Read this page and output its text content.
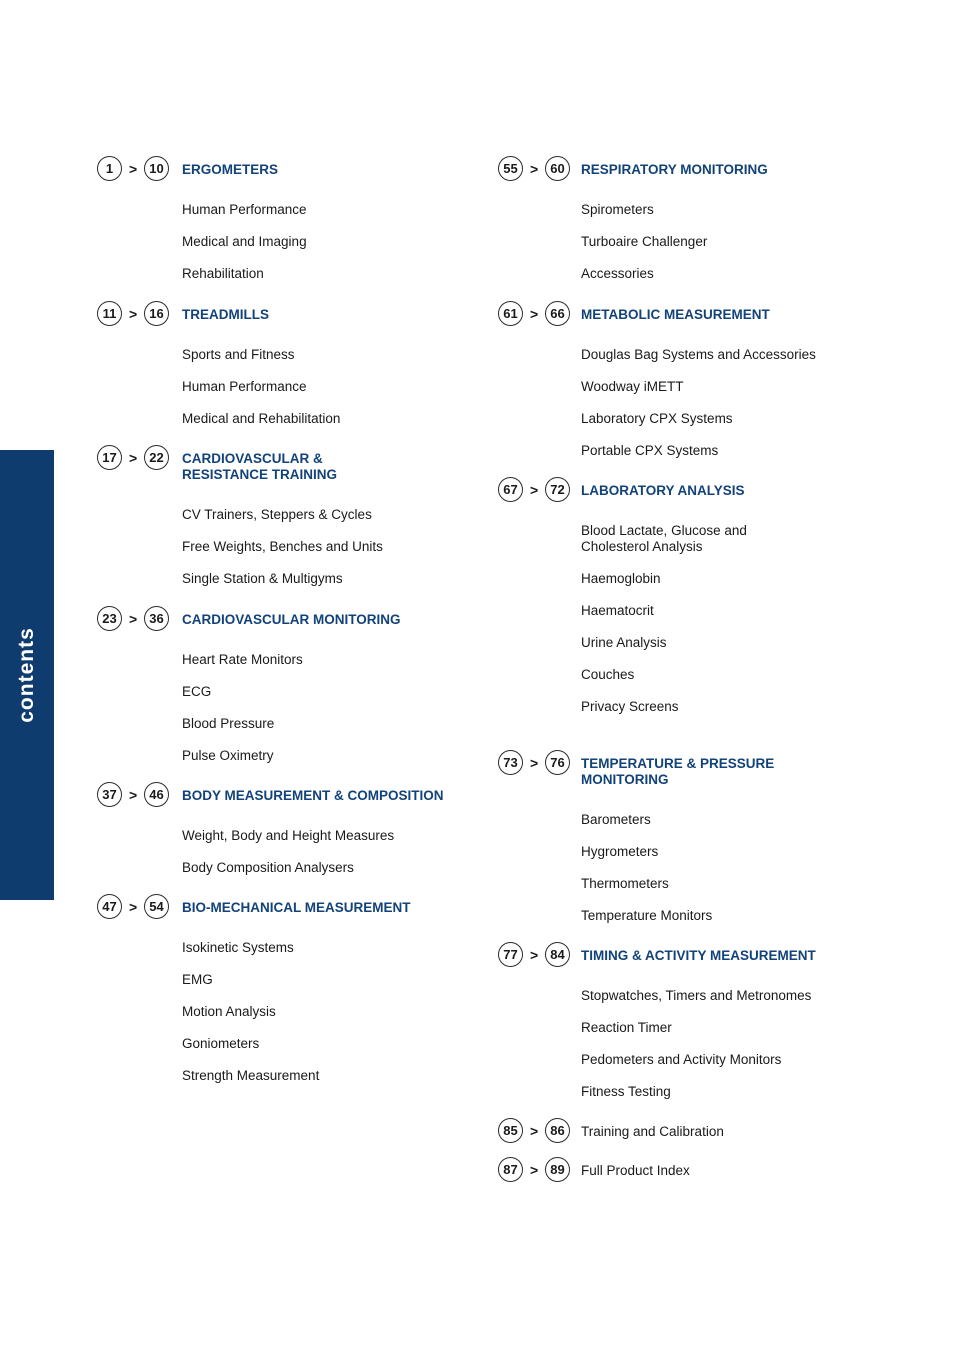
contents
1	> 10	ERGOMETERS
Human Performance
Medical and Imaging
Rehabilitation
11 > 16	TREADMILLS
Sports and Fitness
Human Performance
Medical and Rehabilitation
17 > 22	CARDIOVASCULAR & RESISTANCE TRAINING
CV Trainers, Steppers & Cycles
Free Weights, Benches and Units
Single Station & Multigyms
23 > 36	CARDIOVASCULAR MONITORING
Heart Rate Monitors
ECG
Blood Pressure
Pulse Oximetry
37 > 46	BODY MEASUREMENT & COMPOSITION
Weight, Body and Height Measures
Body Composition Analysers
47 > 54	BIO-MECHANICAL MEASUREMENT
Isokinetic Systems
EMG
Motion Analysis
Goniometers
Strength Measurement
55 > 60	RESPIRATORY MONITORING
Spirometers
Turboaire Challenger
Accessories
61 > 66	METABOLIC MEASUREMENT
Douglas Bag Systems and Accessories
Woodway iMETT
Laboratory CPX Systems
Portable CPX Systems
67 > 72	LABORATORY ANALYSIS
Blood Lactate, Glucose and Cholesterol Analysis
Haemoglobin
Haematocrit
Urine Analysis
Couches
Privacy Screens
73 > 76	TEMPERATURE & PRESSURE MONITORING
Barometers
Hygrometers
Thermometers
Temperature Monitors
77 > 84	TIMING & ACTIVITY MEASUREMENT
Stopwatches, Timers and Metronomes
Reaction Timer
Pedometers and Activity Monitors
Fitness Testing
85 > 86	Training and Calibration
87 > 89	Full Product Index
